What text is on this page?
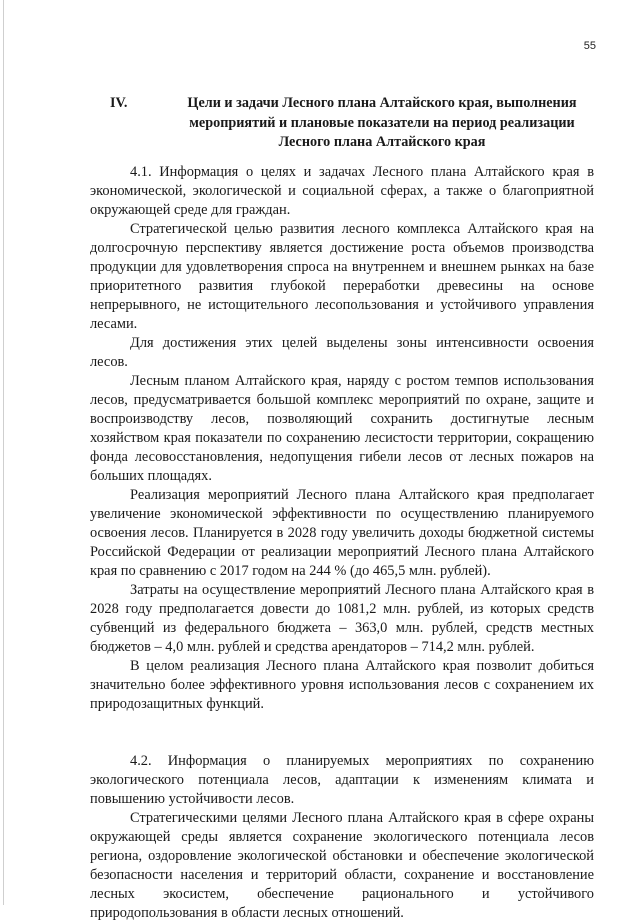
55
IV.	Цели и задачи Лесного плана Алтайского края, выполнения мероприятий и плановые показатели на период реализации Лесного плана Алтайского края

4.1. Информация о целях и задачах Лесного плана Алтайского края в экономической, экологической и социальной сферах, а также о благоприятной окружающей среде для граждан.

Стратегической целью развития лесного комплекса Алтайского края на долгосрочную перспективу является достижение роста объемов производства продукции для удовлетворения спроса на внутреннем и внешнем рынках на базе приоритетного развития глубокой переработки древесины на основе непрерывного, не истощительного лесопользования и устойчивого управления лесами.

Для достижения этих целей выделены зоны интенсивности освоения лесов.

Лесным планом Алтайского края, наряду с ростом темпов использования лесов, предусматривается большой комплекс мероприятий по охране, защите и воспроизводству лесов, позволяющий сохранить достигнутые лесным хозяйством края показатели по сохранению лесистости территории, сокращению фонда лесовосстановления, недопущения гибели лесов от лесных пожаров на больших площадях.

Реализация мероприятий Лесного плана Алтайского края предполагает увеличение экономической эффективности по осуществлению планируемого освоения лесов. Планируется в 2028 году увеличить доходы бюджетной системы Российской Федерации от реализации мероприятий Лесного плана Алтайского края по сравнению с 2017 годом на 244 % (до 465,5 млн. рублей).

Затраты на осуществление мероприятий Лесного плана Алтайского края в 2028 году предполагается довести до 1081,2 млн. рублей, из которых средств субвенций из федерального бюджета – 363,0 млн. рублей, средств местных бюджетов – 4,0 млн. рублей и средства арендаторов – 714,2 млн. рублей.

В целом реализация Лесного плана Алтайского края позволит добиться значительно более эффективного уровня использования лесов с сохранением их природозащитных функций.

4.2. Информация о планируемых мероприятиях по сохранению экологического потенциала лесов, адаптации к изменениям климата и повышению устойчивости лесов.

Стратегическими целями Лесного плана Алтайского края в сфере охраны окружающей среды является сохранение экологического потенциала лесов региона, оздоровление экологической обстановки и обеспечение экологической безопасности населения и территорий области, сохранение и восстановление лесных экосистем, обеспечение рационального и устойчивого природопользования в области лесных отношений.
